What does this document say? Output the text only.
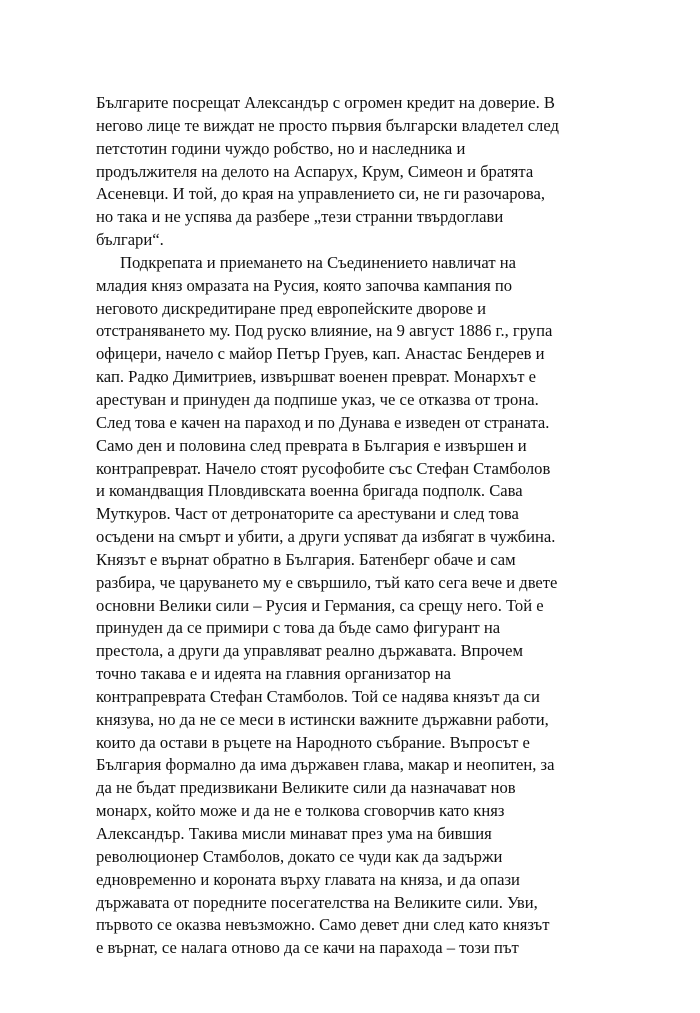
Българите посрещат Александър с огромен кредит на доверие. В
негово лице те виждат не просто първия български владетел след
петстотин години чуждо робство, но и наследника и
продължителя на делото на Аспарух, Крум, Симеон и братята
Асеневци. И той, до края на управлението си, не ги разочарова,
но така и не успява да разбере „тези странни твърдоглави
българи“.
Подкрепата и приемането на Съединението навличат на
младия княз омразата на Русия, която започва кампания по
неговото дискредитиране пред европейските дворове и
отстраняването му. Под руско влияние, на 9 август 1886 г., група
офицери, начело с майор Петър Груев, кап. Анастас Бендерев и
кап. Радко Димитриев, извършват военен преврат. Монархът е
арестуван и принуден да подпише указ, че се отказва от трона.
След това е качен на параход и по Дунава е изведен от страната.
Само ден и половина след преврата в България е извършен и
контрапреврат. Начело стоят русофобите със Стефан Стамболов
и командващия Пловдивската военна бригада подполк. Сава
Муткуров. Част от детронаторите са арестувани и след това
осъдени на смърт и убити, а други успяват да избягат в чужбина.
Князът е върнат обратно в България. Батенберг обаче и сам
разбира, че царуването му е свършило, тъй като сега вече и двете
основни Велики сили – Русия и Германия, са срещу него. Той е
принуден да се примири с това да бъде само фигурант на
престола, а други да управляват реално държавата. Впрочем
точно такава е и идеята на главния организатор на
контрапреврата Стефан Стамболов. Той се надява князът да си
князува, но да не се меси в истински важните държавни работи,
които да остави в ръцете на Народното събрание. Въпросът е
България формално да има държавен глава, макар и неопитен, за
да не бъдат предизвикани Великите сили да назначават нов
монарх, който може и да не е толкова сговорчив като княз
Александър. Такива мисли минават през ума на бившия
революционер Стамболов, докато се чуди как да задържи
едновременно и короната върху главата на княза, и да опази
държавата от поредните посегателства на Великите сили. Уви,
първото се оказва невъзможно. Само девет дни след като князът
е върнат, се налага отново да се качи на парахода – този път
